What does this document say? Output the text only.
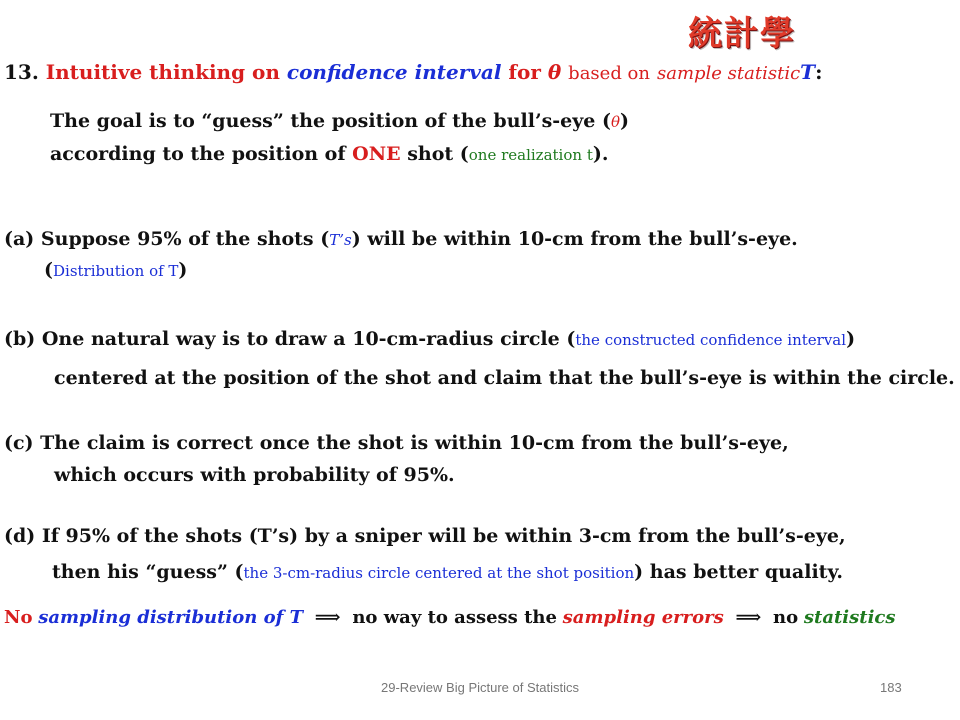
統計學
13. Intuitive thinking on confidence interval for θ based on sample statisticT:
The goal is to “guess” the position of the bull’s-eye (θ)
according to the position of ONE shot (one realization t).
(a) Suppose 95% of the shots (T’s) will be within 10-cm from the bull’s-eye.
(Distribution of T)
(b) One natural way is to draw a 10-cm-radius circle (the constructed confidence interval)
centered at the position of the shot and claim that the bull’s-eye is within the circle.
(c) The claim is correct once the shot is within 10-cm from the bull’s-eye,
which occurs with probability of 95%.
(d) If 95% of the shots (T’s) by a sniper will be within 3-cm from the bull’s-eye,
then his “guess” (the 3-cm-radius circle centered at the shot position) has better quality.
No sampling distribution of T ⟹ no way to assess the sampling errors ⟹ no statistics
29-Review Big Picture of Statistics	183
